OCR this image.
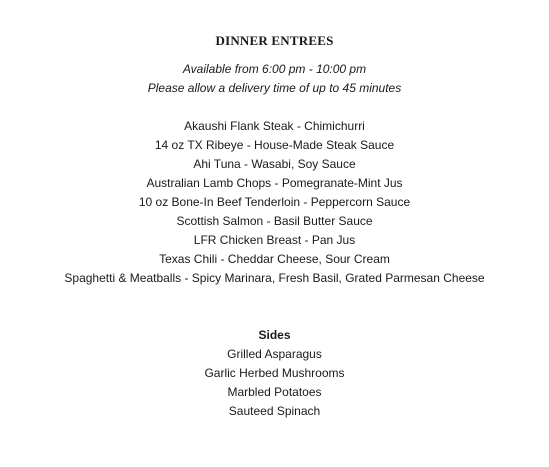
DINNER ENTREES

Available from 6:00 pm - 10:00 pm

Please allow a delivery time of up to 45 minutes

Akaushi Flank Steak - Chimichurri

14 oz TX Ribeye - House-Made Steak Sauce

Ahi Tuna - Wasabi, Soy Sauce

Australian Lamb Chops - Pomegranate-Mint Jus

10 oz Bone-In Beef Tenderloin - Peppercorn Sauce

Scottish Salmon - Basil Butter Sauce

LFR Chicken Breast - Pan Jus

Texas Chili - Cheddar Cheese, Sour Cream

Spaghetti & Meatballs - Spicy Marinara, Fresh Basil, Grated Parmesan Cheese

Sides

Grilled Asparagus

Garlic Herbed Mushrooms

Marbled Potatoes

Sauteed Spinach
